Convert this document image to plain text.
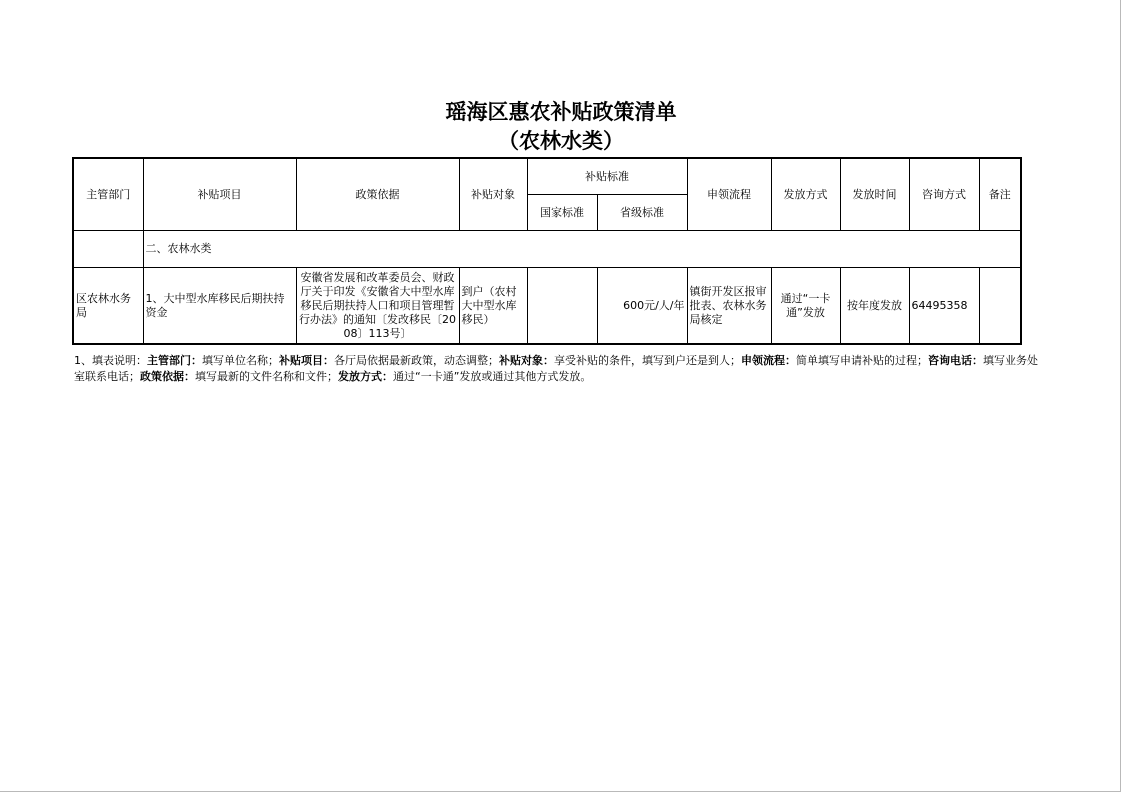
瑶海区惠农补贴政策清单
（农林水类）
主管部门	补贴项目	政策依据	补贴对象	补贴标准		申领流程	发放方式	发放时间	咨询方式	备注
				国家标准	省级标准					
	二、农林水类									
区农林水务局	1、大中型水库移民后期扶持资金	安徽省发展和改革委员会、财政厅关于印发《安徽省大中型水库移民后期扶持人口和项目管理暂行办法》的通知〔发改移民〔2008〕113号〕	到户（农村大中型水库移民）		600元/人/年	镇街开发区报审批表、农林水务局核定	通过“一卡通”发放	按年度发放	64495358	
1、填表说明：主管部门：填写单位名称；补贴项目：各厅局依据最新政策，动态调整；补贴对象：享受补贴的条件，填写到户还是到人；申领流程：简单填写申请补贴的过程；咨询电话：填写业务处室联系电话；政策依据：填写最新的文件名称和文件；发放方式：通过“一卡通”发放或通过其他方式发放。
